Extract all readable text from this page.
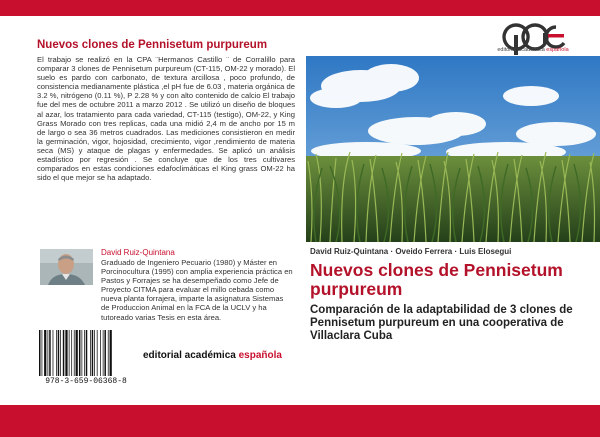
Nuevos clones de Pennisetum purpureum
El trabajo se realizó en la CPA ¨Hermanos Castillo ¨ de Corralillo para comparar 3 clones de Pennisetum purpureum (CT-115, OM-22 y morado). El suelo es pardo con carbonato, de textura arcillosa , poco profundo, de consistencia medianamente plástica ,el pH fue de 6.03 , materia orgánica de 3.2 %, nitrógeno (0.11 %), P 2.28 % y con alto contenido de calcio El trabajo fue del mes de octubre 2011 a marzo 2012 . Se utilizó un diseño de bloques al azar, los tratamiento para cada variedad, CT-115 (testigo), OM-22, y King Grass Morado con tres replicas, cada una midió 2,4 m de ancho por 15 m de largo o sea 36 metros cuadrados. Las mediciones consistieron en medir la germinación, vigor, hojosidad, crecimiento, vigor ,rendimiento de materia seca (MS) y ataque de plagas y enfermedades. Se aplicó un análisis estadístico por regresión . Se concluye que de los tres cultivares comparados en estas condiciones edafoclimáticas el King grass OM-22 ha sido el que mejor se ha adaptado.
David Ruiz-Quintana
Graduado de Ingeniero Pecuario (1980) y Máster en Porcinocultura (1995) con amplia experiencia práctica en Pastos y Forrajes se ha desempeñado como Jefe de Proyecto CITMA para evaluar el millo cebada como nueva planta forrajera, imparte la asignatura Sistemas de Produccion Animal en la FCA de la UCLV y ha tutoreado varias Tesis en esta área.
978-3-659-06368-8
editorial académica española
editorial académica española
David Ruiz-Quintana · Oveido Ferrera · Luis Elosegui
Nuevos clones de Pennisetum purpureum
Comparación de la adaptabilidad de 3 clones de Pennisetum purpureum en una cooperativa de Villaclara Cuba
